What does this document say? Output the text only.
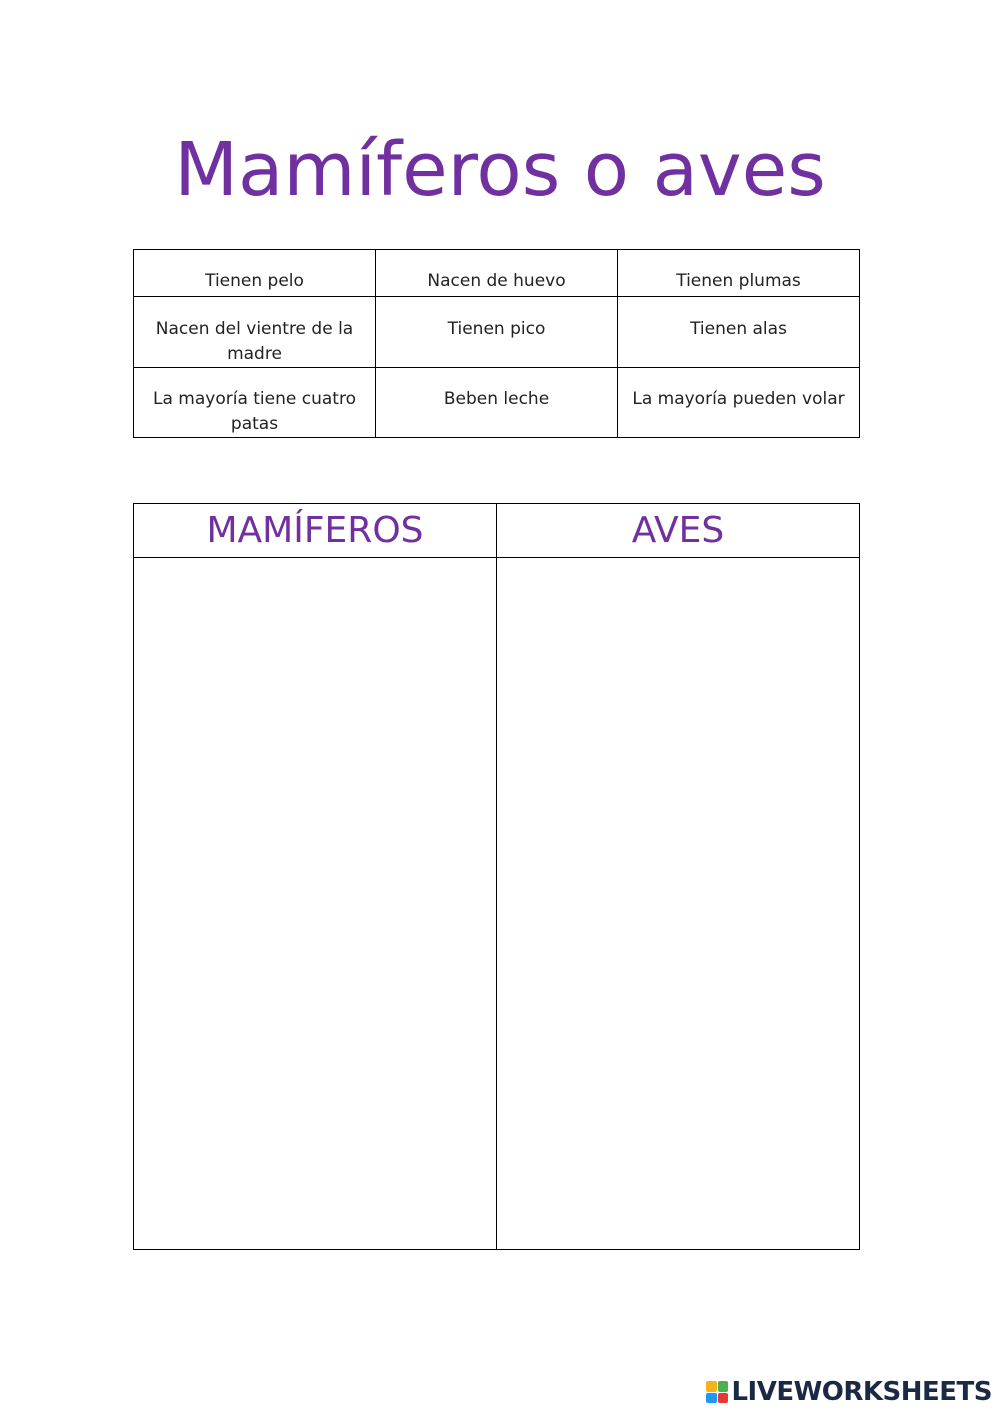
Mamíferos o aves
Tienen pelo	Nacen de huevo	Tienen plumas
Nacen del vientre de la madre	Tienen pico	Tienen alas
La mayoría tiene cuatro patas	Beben leche	La mayoría pueden volar
MAMÍFEROS	AVES

LIVEWORKSHEETS
